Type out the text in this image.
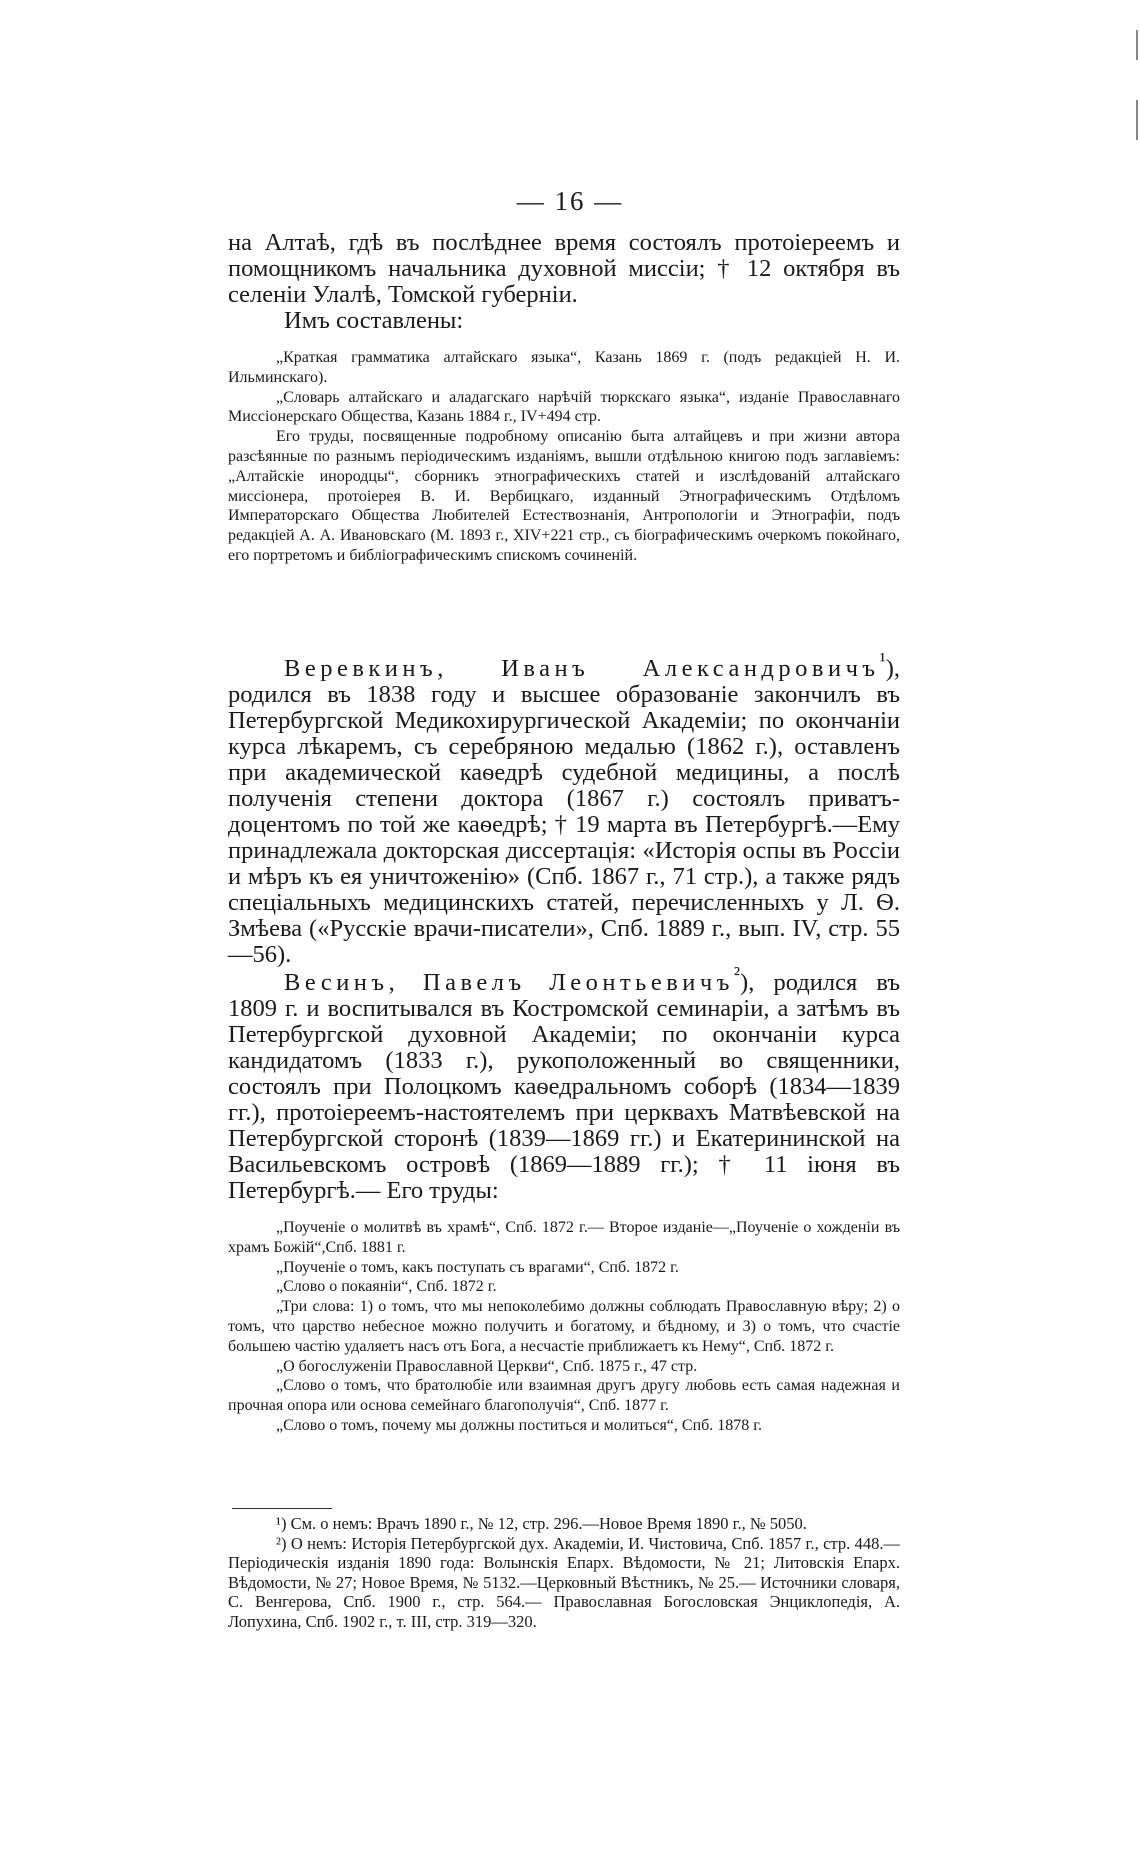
— 16 —

на Алтаѣ, гдѣ въ послѣднее время состоялъ протоіереемъ и помощникомъ начальника духовной миссіи; † 12 октября въ селеніи Улалѣ, Томской губерніи.

Имъ составлены:

„Краткая грамматика алтайскаго языка“, Казань 1869 г. (подъ редакціей Н. И. Ильминскаго).

„Словарь алтайскаго и аладагскаго нарѣчій тюркскаго языка“, изданіе Православнаго Миссіонерскаго Общества, Казань 1884 г., IV+494 стр.

Его труды, посвященные подробному описанію быта алтайцевъ и при жизни автора разсѣянные по разнымъ періодическимъ изданіямъ, вышли отдѣльною книгою подъ заглавіемъ: „Алтайскіе инородцы“, сборникъ этнографическихъ статей и изслѣдованій алтайскаго миссіонера, протоіерея В. И. Вербицкаго, изданный Этнографическимъ Отдѣломъ Императорскаго Общества Любителей Естествознанія, Антропологіи и Этнографіи, подъ редакціей А. А. Ивановскаго (М. 1893 г., XIV+221 стр., съ біографическимъ очеркомъ покойнаго, его портретомъ и библіографическимъ спискомъ сочиненій.

Веревкинъ, Иванъ Александровичъ$^{^1}$), родился въ 1838 году и высшее образованіе закончилъ въ Петербургской Медикохирургической Академіи; по окончаніи курса лѣкаремъ, съ серебряною медалью (1862 г.), оставленъ при академической каѳедрѣ судебной медицины, а послѣ полученія степени доктора (1867 г.) состоялъ приватъ-доцентомъ по той же каѳедрѣ; † 19 марта въ Петербургѣ.—Ему принадлежала докторская диссертація: «Исторія оспы въ Россіи и мѣръ къ ея уничтоженію» (Спб. 1867 г., 71 стр.), а также рядъ спеціальныхъ медицинскихъ статей, перечисленныхъ у Л. Ѳ. Змѣева («Русскіе врачи-писатели», Спб. 1889 г., вып. IV, стр. 55—56).

Весинъ, Павелъ Леонтьевичъ$^{^2}$), родился въ 1809 г. и воспитывался въ Костромской семинаріи, а затѣмъ въ Петербургской духовной Академіи; по окончаніи курса кандидатомъ (1833 г.), рукоположенный во священники, состоялъ при Полоцкомъ каѳедральномъ соборѣ (1834—1839 гг.), протоіереемъ-настоятелемъ при церквахъ Матвѣевской на Петербургской сторонѣ (1839—1869 гг.) и Екатерининской на Васильевскомъ островѣ (1869—1889 гг.); † 11 іюня въ Петербургѣ.— Его труды:

„Поученіе о молитвѣ въ храмѣ“, Спб. 1872 г.— Второе изданіе—„Поученіе о хожденіи въ храмъ Божій“,Спб. 1881 г.

„Поученіе о томъ, какъ поступать съ врагами“, Спб. 1872 г.

„Слово о покаяніи“, Спб. 1872 г.

„Три слова: 1) о томъ, что мы непоколебимо должны соблюдать Православную вѣру; 2) о томъ, что царство небесное можно получить и богатому, и бѣдному, и 3) о томъ, что счастіе большею частію удаляетъ насъ отъ Бога, а несчастіе приближаетъ къ Нему“, Спб. 1872 г.

„О богослуженіи Православной Церкви“, Спб. 1875 г., 47 стр.

„Слово о томъ, что братолюбіе или взаимная другъ другу любовь есть самая надежная и прочная опора или основа семейнаго благополучія“, Спб. 1877 г.

„Слово о томъ, почему мы должны поститься и молиться“, Спб. 1878 г.

¹) См. о немъ: Врачъ 1890 г., № 12, стр. 296.—Новое Время 1890 г., № 5050.

²) О немъ: Исторія Петербургской дух. Академіи, И. Чистовича, Спб. 1857 г., стр. 448.— Періодическія изданія 1890 года: Волынскія Епарх. Вѣдомости, № 21; Литовскія Епарх. Вѣдомости, № 27; Новое Время, № 5132.—Церковный Вѣстникъ, № 25.— Источники словаря, С. Венгерова, Спб. 1900 г., стр. 564.— Православная Богословская Энциклопедія, А. Лопухина, Спб. 1902 г., т. III, стр. 319—320.
